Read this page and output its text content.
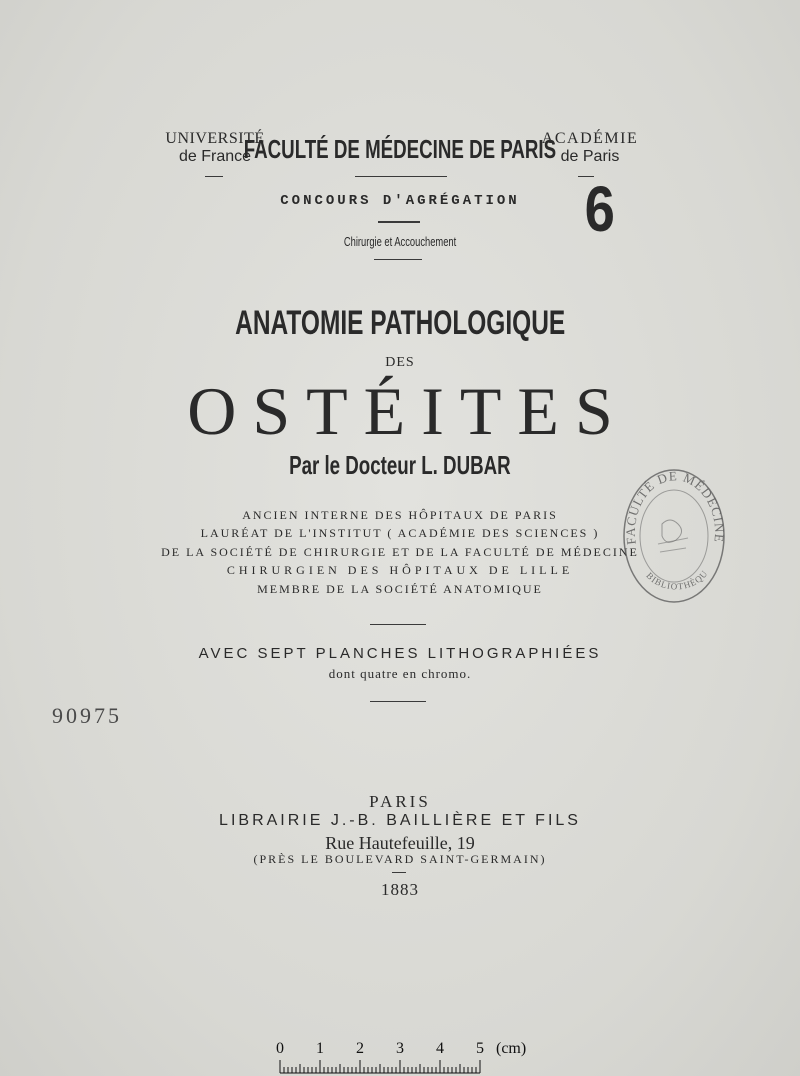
UNIVERSITÉ
de France
FACULTÉ DE MÉDECINE DE PARIS
ACADÉMIE
de Paris
CONCOURS D'AGRÉGATION
Chirurgie et Accouchement	6
ANATOMIE PATHOLOGIQUE
DES
OSTÉITES
Par le Docteur L. DUBAR
ANCIEN INTERNE DES HÔPITAUX DE PARIS
LAURÉAT DE L'INSTITUT ( ACADÉMIE DES SCIENCES )
DE LA SOCIÉTÉ DE CHIRURGIE ET DE LA FACULTÉ DE MÉDECINE
CHIRURGIEN DES HÔPITAUX DE LILLE
MEMBRE DE LA SOCIÉTÉ ANATOMIQUE
AVEC SEPT PLANCHES LITHOGRAPHIÉES
dont quatre en chromo.
90975
PARIS
LIBRAIRIE J.-B. BAILLIÈRE ET FILS
Rue Hautefeuille, 19
(PRÈS LE BOULEVARD SAINT-GERMAIN)
1883
FACULTÉ DE MÉDECINE
BIBLIOTHÈQU
0 1 2 3 4 5 (cm)
